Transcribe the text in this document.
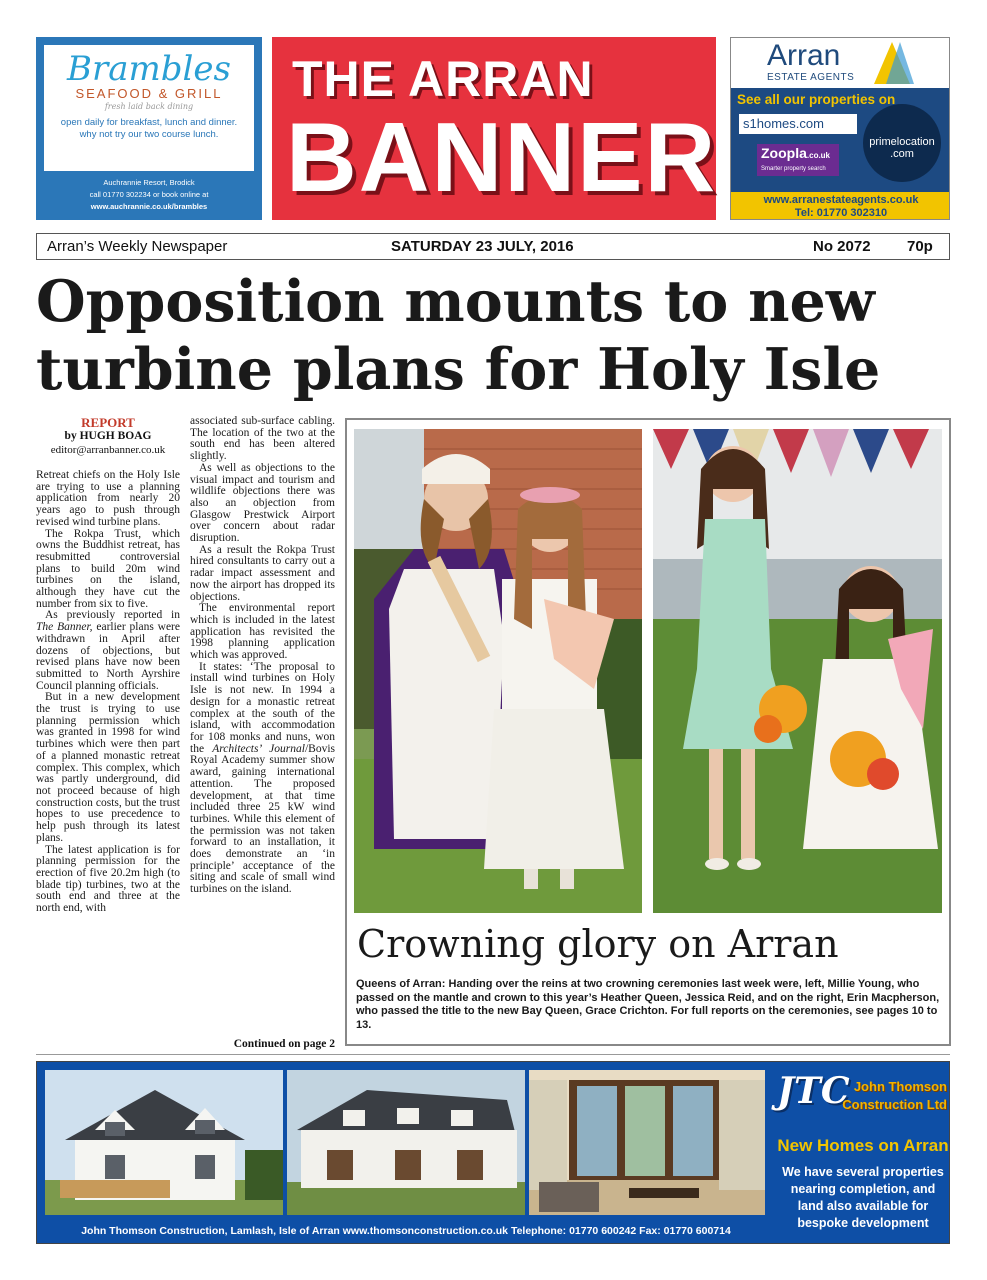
Brambles
SEAFOOD & GRILL
fresh laid back dining
open daily for breakfast, lunch and dinner.
why not try our two course lunch.
Auchrannie Resort, Brodick
call 01770 302234 or book online at
www.auchrannie.co.uk/brambles
THE ARRAN
BANNER
Arran
ESTATE AGENTS
See all our properties on
s1homes.com
Zoopla.co.uk
Smarter property search
primelocation
.com
www.arranestateagents.co.uk
Tel: 01770 302310
Arran’s Weekly Newspaper	SATURDAY 23 JULY, 2016	No 2072 70p
Opposition mounts to new turbine plans for Holy Isle
REPORT
by HUGH BOAG
editor@arranbanner.co.uk

Retreat chiefs on the Holy Isle are trying to use a planning application from nearly 20 years ago to push through revised wind turbine plans.

The Rokpa Trust, which owns the Buddhist retreat, has resubmitted controversial plans to build 20m wind turbines on the island, although they have cut the number from six to five.

As previously reported in The Banner, earlier plans were withdrawn in April after dozens of objections, but revised plans have now been submitted to North Ayrshire Council planning officials.

But in a new development the trust is trying to use planning permission which was granted in 1998 for wind turbines which were then part of a planned monastic retreat complex. This complex, which was partly underground, did not proceed because of high construction costs, but the trust hopes to use precedence to help push through its latest plans.

The latest application is for planning permission for the erection of five 20.2m high (to blade tip) turbines, two at the south end and three at the north end, with

associated sub-surface cabling. The location of the two at the south end has been altered slightly.

As well as objections to the visual impact and tourism and wildlife objections there was also an objection from Glasgow Prestwick Airport over concern about radar disruption.

As a result the Rokpa Trust hired consultants to carry out a radar impact assessment and now the airport has dropped its objections.

The environmental report which is included in the latest application has revisited the 1998 planning application which was approved.

It states: ‘The proposal to install wind turbines on Holy Isle is not new. In 1994 a design for a monastic retreat complex at the south of the island, with accommodation for 108 monks and nuns, won the Architects’ Journal/Bovis Royal Academy summer show award, gaining international attention. The proposed development, at that time included three 25 kW wind turbines. While this element of the permission was not taken forward to an installation, it does demonstrate an ‘in principle’ acceptance of the siting and scale of small wind turbines on the island.

Continued on page 2
Crowning glory on Arran
Queens of Arran: Handing over the reins at two crowning ceremonies last week were, left, Millie Young, who passed on the mantle and crown to this year’s Heather Queen, Jessica Reid, and on the right, Erin Macpherson, who passed the title to the new Bay Queen, Grace Crichton. For full reports on the ceremonies, see pages 10 to 13.
John Thomson Construction, Lamlash, Isle of Arran www.thomsonconstruction.co.uk Telephone: 01770 600242 Fax: 01770 600714
JTC John Thomson
Construction Ltd
New Homes on Arran
We have several properties nearing completion, and land also available for bespoke development
